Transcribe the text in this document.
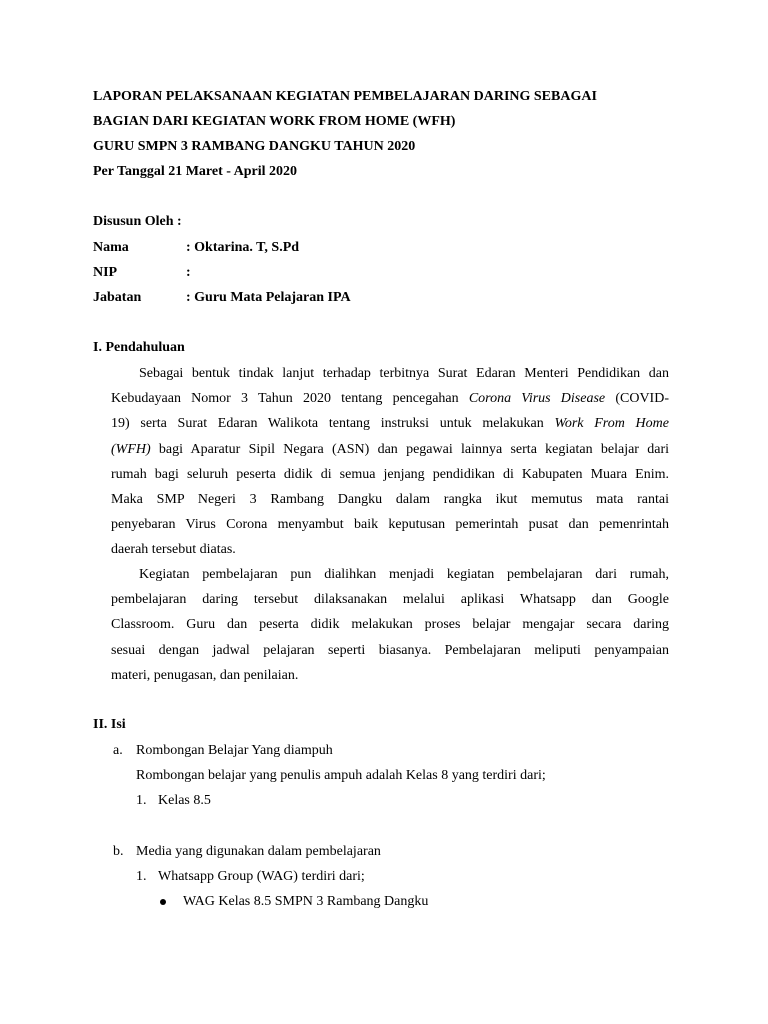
LAPORAN PELAKSANAAN KEGIATAN PEMBELAJARAN DARING SEBAGAI
BAGIAN DARI KEGIATAN WORK FROM HOME (WFH)
GURU SMPN 3 RAMBANG DANGKU TAHUN 2020
Per Tanggal 21 Maret - April 2020
Disusun Oleh :
Nama	: Oktarina. T, S.Pd
NIP	:
Jabatan	: Guru Mata Pelajaran IPA
I. Pendahuluan
Sebagai bentuk tindak lanjut terhadap terbitnya Surat Edaran Menteri Pendidikan dan
Kebudayaan Nomor 3 Tahun 2020 tentang pencegahan Corona Virus Disease (COVID-
19) serta Surat Edaran Walikota tentang instruksi untuk melakukan Work From Home
(WFH) bagi Aparatur Sipil Negara (ASN) dan pegawai lainnya serta kegiatan belajar dari
rumah bagi seluruh peserta didik di semua jenjang pendidikan di Kabupaten Muara Enim.
Maka SMP Negeri 3 Rambang Dangku dalam rangka ikut memutus mata rantai
penyebaran Virus Corona menyambut baik keputusan pemerintah pusat dan pemenrintah
daerah tersebut diatas.
Kegiatan pembelajaran pun dialihkan menjadi kegiatan pembelajaran dari rumah,
pembelajaran daring tersebut dilaksanakan melalui aplikasi Whatsapp dan Google
Classroom. Guru dan peserta didik melakukan proses belajar mengajar secara daring
sesuai dengan jadwal pelajaran seperti biasanya. Pembelajaran meliputi penyampaian
materi, penugasan, dan penilaian.
II. Isi
a. Rombongan Belajar Yang diampuh
Rombongan belajar yang penulis ampuh adalah Kelas 8 yang terdiri dari;
1. Kelas 8.5
b. Media yang digunakan dalam pembelajaran
1. Whatsapp Group (WAG) terdiri dari;
WAG Kelas 8.5 SMPN 3 Rambang Dangku
